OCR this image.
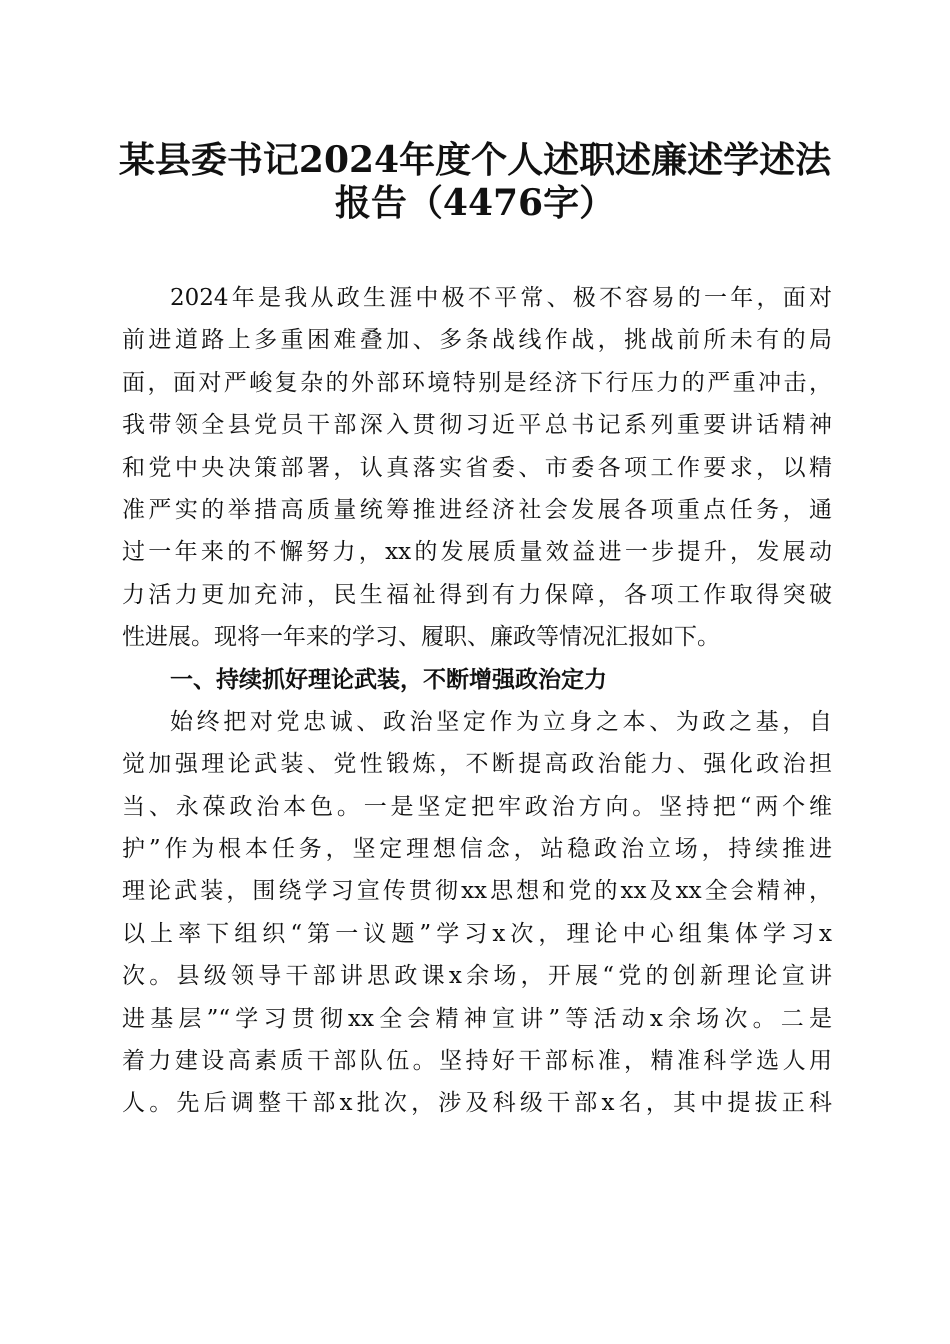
某县委书记2024年度个人述职述廉述学述法
报告（4476字）
2024年是我从政生涯中极不平常、极不容易的一年，面对
前进道路上多重困难叠加、多条战线作战，挑战前所未有的局
面，面对严峻复杂的外部环境特别是经济下行压力的严重冲击，
我带领全县党员干部深入贯彻习近平总书记系列重要讲话精神
和党中央决策部署，认真落实省委、市委各项工作要求，以精
准严实的举措高质量统筹推进经济社会发展各项重点任务，通
过一年来的不懈努力，xx的发展质量效益进一步提升，发展动
力活力更加充沛，民生福祉得到有力保障，各项工作取得突破
性进展。现将一年来的学习、履职、廉政等情况汇报如下。
一、持续抓好理论武装，不断增强政治定力
始终把对党忠诚、政治坚定作为立身之本、为政之基，自
觉加强理论武装、党性锻炼，不断提高政治能力、强化政治担
当、永葆政治本色。一是坚定把牢政治方向。坚持把“两个维
护”作为根本任务，坚定理想信念，站稳政治立场，持续推进
理论武装，围绕学习宣传贯彻xx思想和党的xx及xx全会精神，
以上率下组织“第一议题”学习x次，理论中心组集体学习x
次。县级领导干部讲思政课x余场，开展“党的创新理论宣讲
进基层”“学习贯彻xx全会精神宣讲”等活动x余场次。二是
着力建设高素质干部队伍。坚持好干部标准，精准科学选人用
人。先后调整干部x批次，涉及科级干部x名，其中提拔正科
